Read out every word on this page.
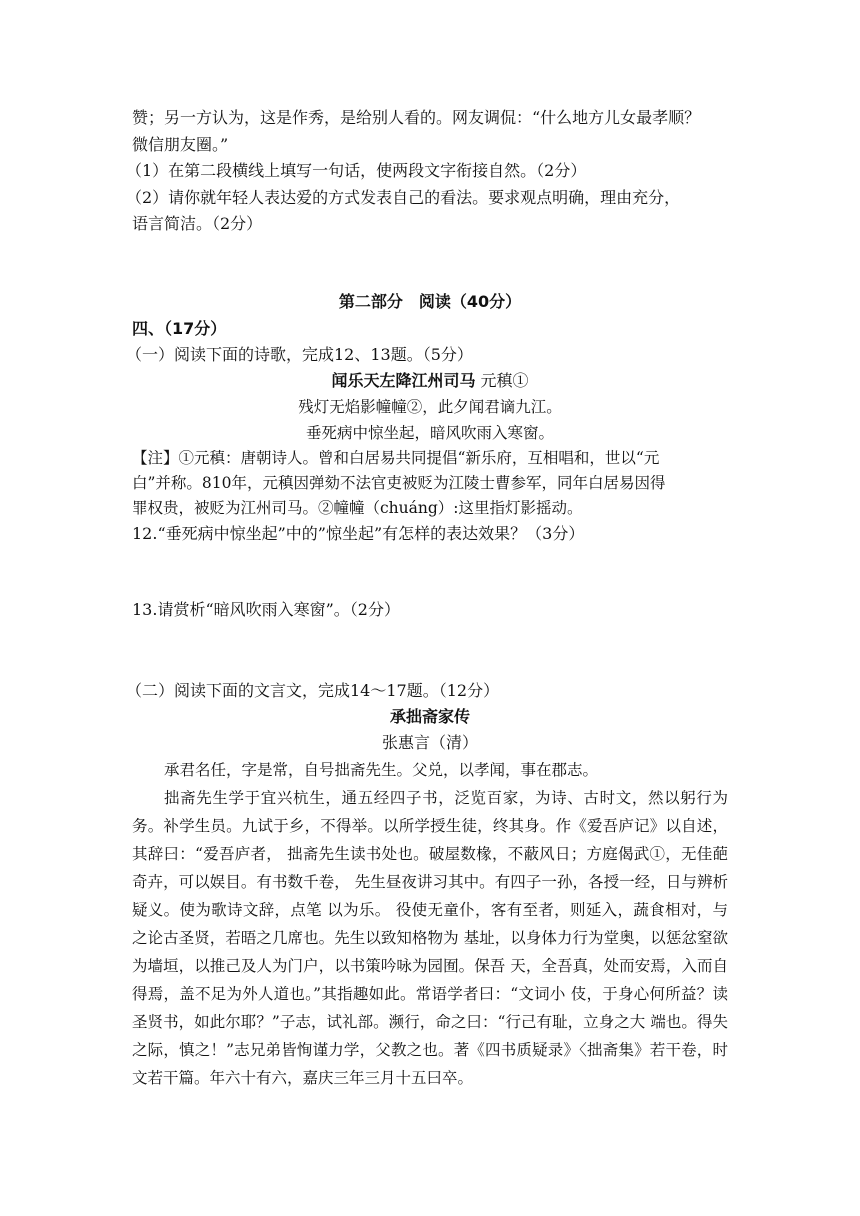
赞；另一方认为，这是作秀，是给别人看的。网友调侃：“什么地方儿女最孝顺？
微信朋友圈。”
（1）在第二段横线上填写一句话，使两段文字衔接自然。（2分）
（2）请你就年轻人表达爱的方式发表自己的看法。要求观点明确，理由充分，
语言简洁。（2分）
第二部分　阅读（40分）
四、（17分）
（一）阅读下面的诗歌，完成12、13题。（5分）
闻乐天左降江州司马 元稹①
残灯无焰影幢幢②，此夕闻君谪九江。
垂死病中惊坐起，暗风吹雨入寒窗。
【注】①元稹：唐朝诗人。曾和白居易共同提倡“新乐府，互相唱和，世以“元
白”并称。810年，元稹因弹劾不法官吏被贬为江陵士曹参军，同年白居易因得
罪权贵，被贬为江州司马。②幢幢（chuáng）:这里指灯影摇动。
12.“垂死病中惊坐起”中的”惊坐起”有怎样的表达效果？（3分）
13.请赏析“暗风吹雨入寒窗”。（2分）
（二）阅读下面的文言文，完成14～17题。（12分）
承拙斋家传
张惠言（清）
承君名任，字是常，自号拙斋先生。父兑，以孝闻，事在郡志。
拙斋先生学于宜兴杭生，通五经四子书，泛览百家，为诗、古时文，然以躬行为务。补学生员。九试于乡，不得举。以所学授生徒，终其身。作《爱吾庐记》以自述，其辞曰：“爱吾庐者， 拙斋先生读书处也。破屋数椽，不蔽风日；方庭偈武①，无佳葩奇卉，可以娱目。有书数千卷， 先生昼夜讲习其中。有四子一孙，各授一经，日与辨析疑义。使为歌诗文辞，点笔 以为乐。 役使无童仆，客有至者，则延入，蔬食相对，与之论古圣贤，若晤之几席也。先生以致知格物为 基址，以身体力行为堂奥，以惩忿窒欲为墙垣，以推己及人为门户，以书策吟咏为园囿。保吾 天，全吾真，处而安焉，入而自得焉，盖不足为外人道也。”其指趣如此。常语学者曰：“文词小 伎，于身心何所益？读圣贤书，如此尔耶？”子志，试礼部。濒行，命之曰：“行己有耻，立身之大 端也。得失之际，慎之！”志兄弟皆恂谨力学，父教之也。著《四书质疑录》〈拙斋集》若干卷，时 文若干篇。年六十有六，嘉庆三年三月十五曰卒。
